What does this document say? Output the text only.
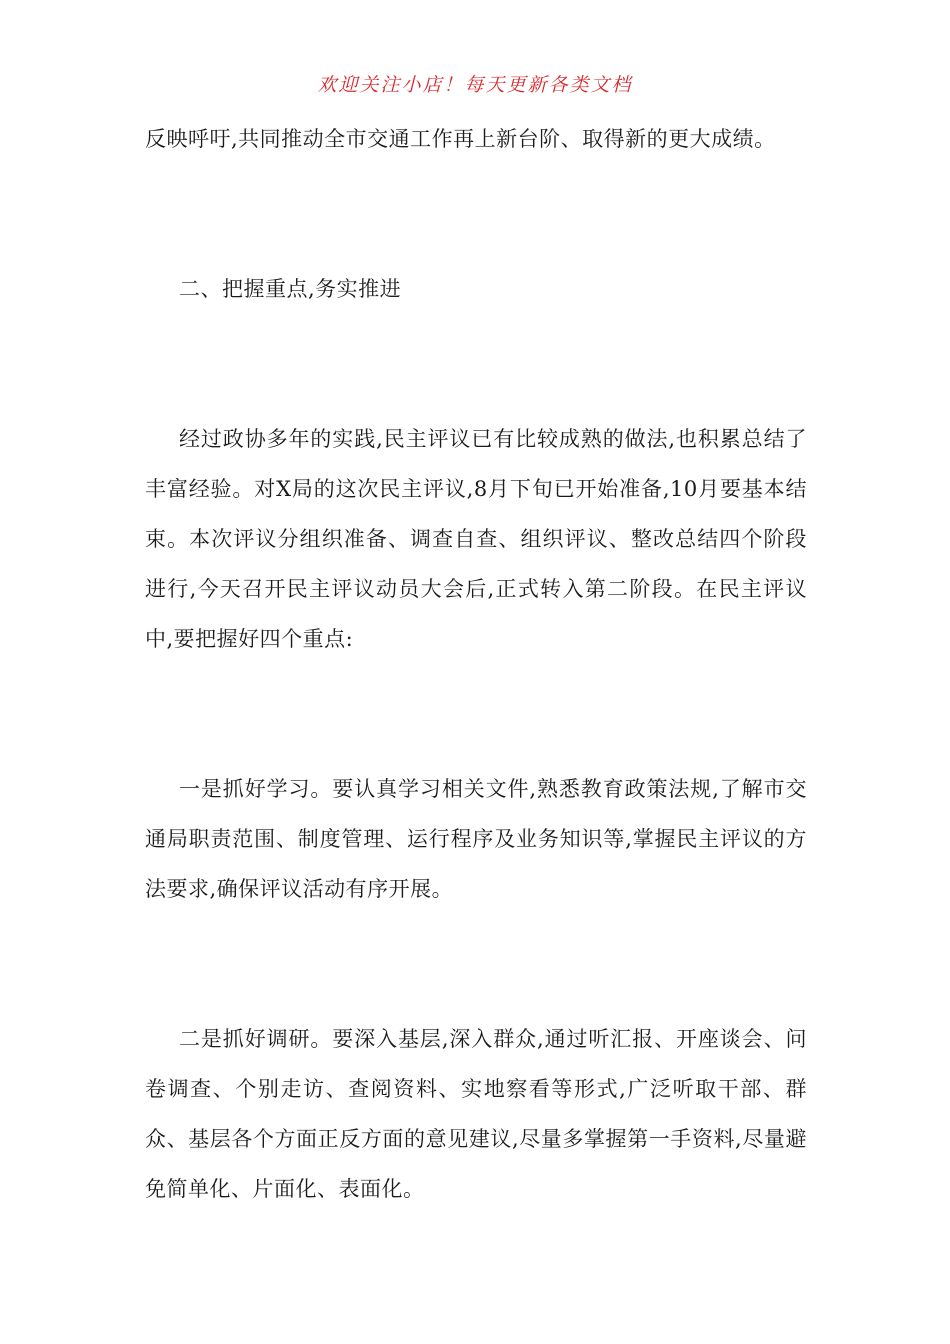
欢迎关注小店！每天更新各类文档

反映呼吁,共同推动全市交通工作再上新台阶、取得新的更大成绩。

二、把握重点,务实推进

经过政协多年的实践,民主评议已有比较成熟的做法,也积累总结了丰富经验。对X局的这次民主评议,8月下旬已开始准备,10月要基本结束。本次评议分组织准备、调查自查、组织评议、整改总结四个阶段进行,今天召开民主评议动员大会后,正式转入第二阶段。在民主评议中,要把握好四个重点:

一是抓好学习。要认真学习相关文件,熟悉教育政策法规,了解市交通局职责范围、制度管理、运行程序及业务知识等,掌握民主评议的方法要求,确保评议活动有序开展。

二是抓好调研。要深入基层,深入群众,通过听汇报、开座谈会、问卷调查、个别走访、查阅资料、实地察看等形式,广泛听取干部、群众、基层各个方面正反方面的意见建议,尽量多掌握第一手资料,尽量避免简单化、片面化、表面化。
